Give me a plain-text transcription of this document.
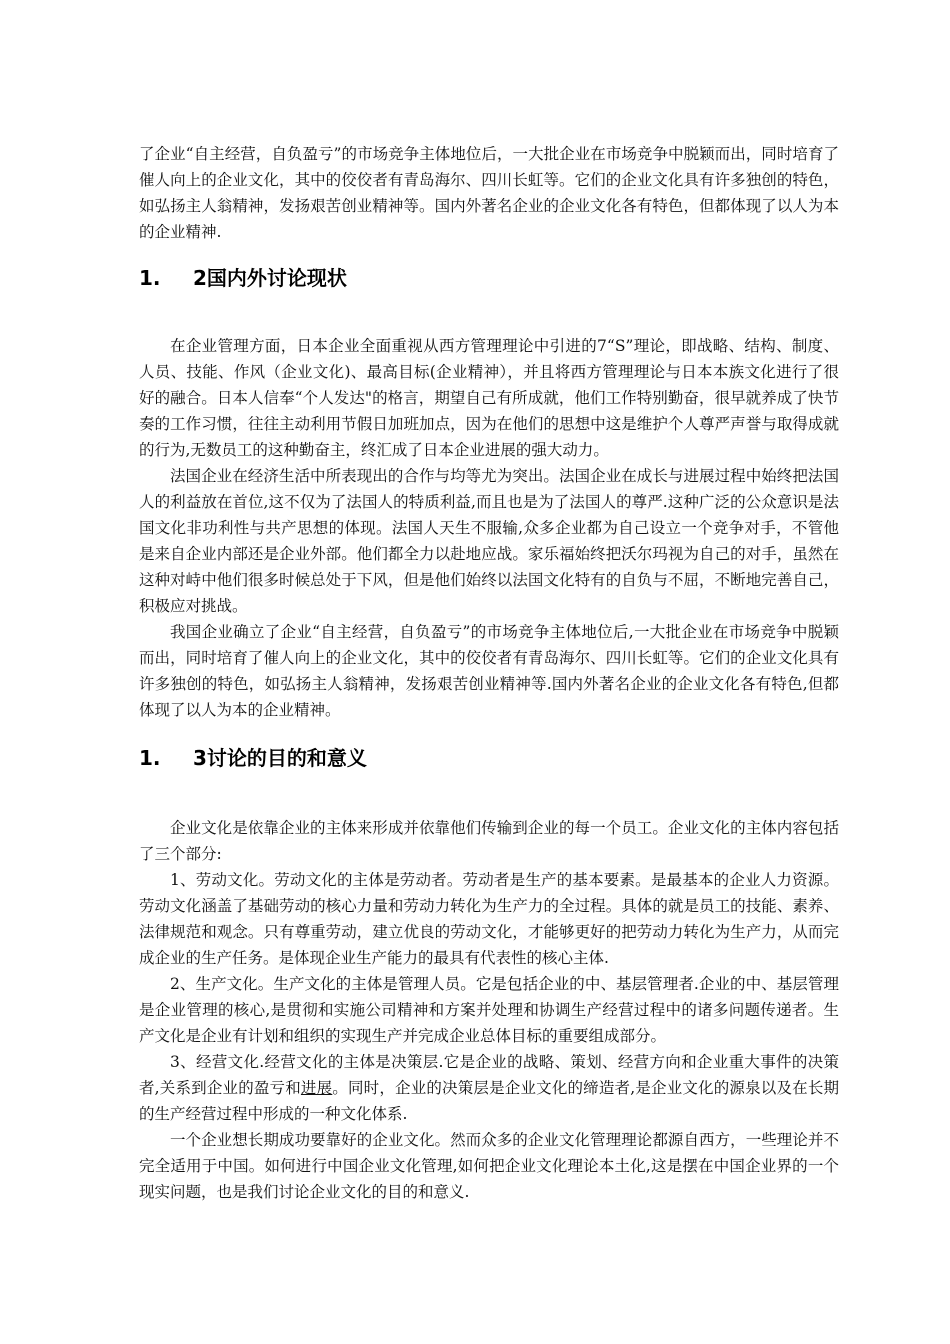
了企业“自主经营，自负盈亏”的市场竞争主体地位后，一大批企业在市场竞争中脱颖而出，同时培育了催人向上的企业文化，其中的佼佼者有青岛海尔、四川长虹等。它们的企业文化具有许多独创的特色，如弘扬主人翁精神，发扬艰苦创业精神等。国内外著名企业的企业文化各有特色，但都体现了以人为本的企业精神.

1. 2国内外讨论现状

在企业管理方面，日本企业全面重视从西方管理理论中引进的7“S”理论，即战略、结构、制度、人员、技能、作风（企业文化)、最高目标(企业精神），并且将西方管理理论与日本本族文化进行了很好的融合。日本人信奉“个人发达"的格言，期望自己有所成就，他们工作特别勤奋，很早就养成了快节奏的工作习惯，往往主动利用节假日加班加点，因为在他们的思想中这是维护个人尊严声誉与取得成就的行为,无数员工的这种勤奋主，终汇成了日本企业进展的强大动力。

法国企业在经济生活中所表现出的合作与均等尤为突出。法国企业在成长与进展过程中始终把法国人的利益放在首位,这不仅为了法国人的特质利益,而且也是为了法国人的尊严.这种广泛的公众意识是法国文化非功利性与共产思想的体现。法国人天生不服输,众多企业都为自己设立一个竞争对手，不管他是来自企业内部还是企业外部。他们都全力以赴地应战。家乐福始终把沃尔玛视为自己的对手，虽然在这种对峙中他们很多时候总处于下风，但是他们始终以法国文化特有的自负与不屈，不断地完善自己，积极应对挑战。

我国企业确立了企业“自主经营，自负盈亏”的市场竞争主体地位后,一大批企业在市场竞争中脱颖而出，同时培育了催人向上的企业文化，其中的佼佼者有青岛海尔、四川长虹等。它们的企业文化具有许多独创的特色，如弘扬主人翁精神，发扬艰苦创业精神等.国内外著名企业的企业文化各有特色,但都体现了以人为本的企业精神。

1. 3讨论的目的和意义

企业文化是依靠企业的主体来形成并依靠他们传输到企业的每一个员工。企业文化的主体内容包括了三个部分:

1、劳动文化。劳动文化的主体是劳动者。劳动者是生产的基本要素。是最基本的企业人力资源。劳动文化涵盖了基础劳动的核心力量和劳动力转化为生产力的全过程。具体的就是员工的技能、素养、法律规范和观念。只有尊重劳动，建立优良的劳动文化，才能够更好的把劳动力转化为生产力，从而完成企业的生产任务。是体现企业生产能力的最具有代表性的核心主体.

2、生产文化。生产文化的主体是管理人员。它是包括企业的中、基层管理者.企业的中、基层管理是企业管理的核心,是贯彻和实施公司精神和方案并处理和协调生产经营过程中的诸多问题传递者。生产文化是企业有计划和组织的实现生产并完成企业总体目标的重要组成部分。

3、经营文化.经营文化的主体是决策层.它是企业的战略、策划、经营方向和企业重大事件的决策者,关系到企业的盈亏和进展。同时，企业的决策层是企业文化的缔造者,是企业文化的源泉以及在长期的生产经营过程中形成的一种文化体系.

一个企业想长期成功要靠好的企业文化。然而众多的企业文化管理理论都源自西方，一些理论并不完全适用于中国。如何进行中国企业文化管理,如何把企业文化理论本土化,这是摆在中国企业界的一个现实问题，也是我们讨论企业文化的目的和意义.
